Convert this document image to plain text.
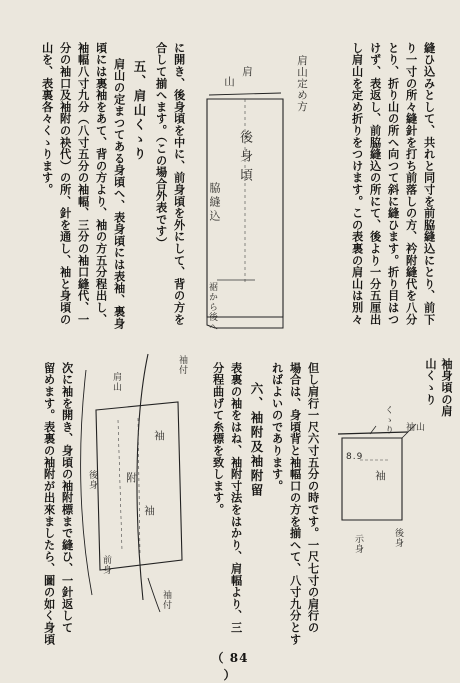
縫ひ込みとして、共れと同寸を前脇縫込にとり、前下
り一寸の所々縫針を打ち前落しの方、衿附縫代を八分
とり、折り山の所へ向つて斜に縫ひます。折り目はつ
けず、表返し、前脇縫込の所にて、後より一分五厘出
し肩山を定め折りをつけます。この表裏の肩山は別々
肩山定め方
山
肩
後身頃
脇縫込
裾から後へ
に開き、後身頃を中に、前身頃を外にして、背の方を
合して揃へます。（この場合外表です）
五、肩山くゝり
肩山の定まつてある身頃へ、表身頃には表袖、裏身
頃には裏袖をあて、背の方より、袖の方五分程出し、
袖幅八寸九分（八寸五分の袖幅、三分の袖口縫代、一
分の袖口及袖附の袂代）の所、針を通し、袖と身頃の
山を、表裏各々くゝります。
但し肩行一尺六寸五分の時です。一尺七寸の肩行の
場合は、身頃背と袖幅口の方を揃へて、八寸九分とす
ればよいのであります。	袖身頃の肩山くゝり
くゝり 袖山
8.9
袖
後身
示身
六、袖附及袖附留
表裏の袖をはね、袖附寸法をはかり、肩幅より、三
分程曲げて糸標を致します。
袖付
肩山
袖
附
袖
後身
前身
袖付
次に袖を開き、身頃の袖附標まで縫ひ、一針返して
留めます。表裏の袖附が出來ましたら、圖の如く身頃
（ 84 ）
